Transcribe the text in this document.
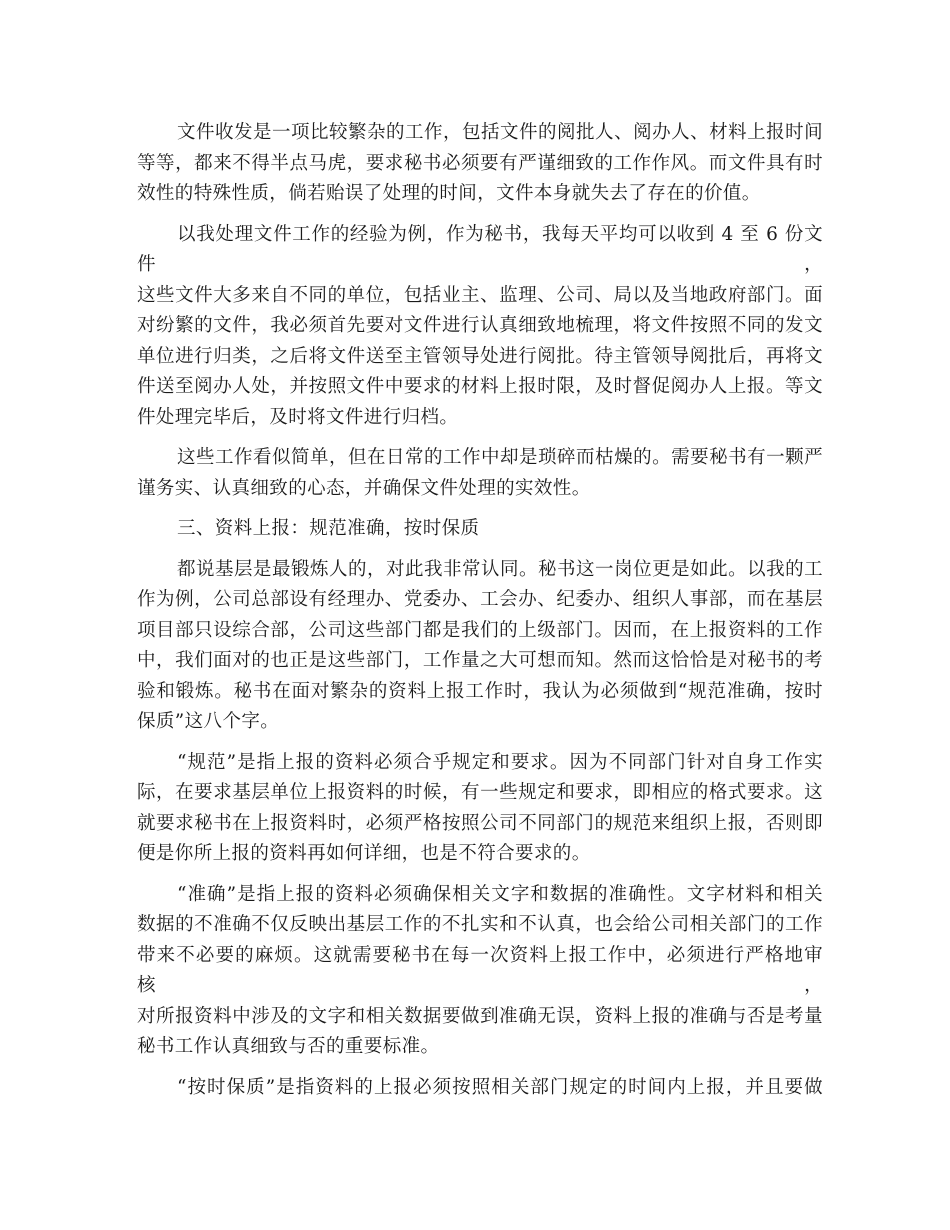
文件收发是一项比较繁杂的工作，包括文件的阅批人、阅办人、材料上报时间
等等，都来不得半点马虎，要求秘书必须要有严谨细致的工作作风。而文件具有时
效性的特殊性质，倘若贻误了处理的时间，文件本身就失去了存在的价值。
以我处理文件工作的经验为例，作为秘书，我每天平均可以收到 4 至 6 份文件，
这些文件大多来自不同的单位，包括业主、监理、公司、局以及当地政府部门。面
对纷繁的文件，我必须首先要对文件进行认真细致地梳理，将文件按照不同的发文
单位进行归类，之后将文件送至主管领导处进行阅批。待主管领导阅批后，再将文
件送至阅办人处，并按照文件中要求的材料上报时限，及时督促阅办人上报。等文
件处理完毕后，及时将文件进行归档。
这些工作看似简单，但在日常的工作中却是琐碎而枯燥的。需要秘书有一颗严
谨务实、认真细致的心态，并确保文件处理的实效性。
三、资料上报：规范准确，按时保质
都说基层是最锻炼人的，对此我非常认同。秘书这一岗位更是如此。以我的工
作为例，公司总部设有经理办、党委办、工会办、纪委办、组织人事部，而在基层
项目部只设综合部，公司这些部门都是我们的上级部门。因而，在上报资料的工作
中，我们面对的也正是这些部门，工作量之大可想而知。然而这恰恰是对秘书的考
验和锻炼。秘书在面对繁杂的资料上报工作时，我认为必须做到“规范准确，按时
保质”这八个字。
“规范”是指上报的资料必须合乎规定和要求。因为不同部门针对自身工作实
际，在要求基层单位上报资料的时候，有一些规定和要求，即相应的格式要求。这
就要求秘书在上报资料时，必须严格按照公司不同部门的规范来组织上报，否则即
便是你所上报的资料再如何详细，也是不符合要求的。
“准确”是指上报的资料必须确保相关文字和数据的准确性。文字材料和相关
数据的不准确不仅反映出基层工作的不扎实和不认真，也会给公司相关部门的工作
带来不必要的麻烦。这就需要秘书在每一次资料上报工作中，必须进行严格地审核，
对所报资料中涉及的文字和相关数据要做到准确无误，资料上报的准确与否是考量
秘书工作认真细致与否的重要标准。
“按时保质”是指资料的上报必须按照相关部门规定的时间内上报，并且要做
